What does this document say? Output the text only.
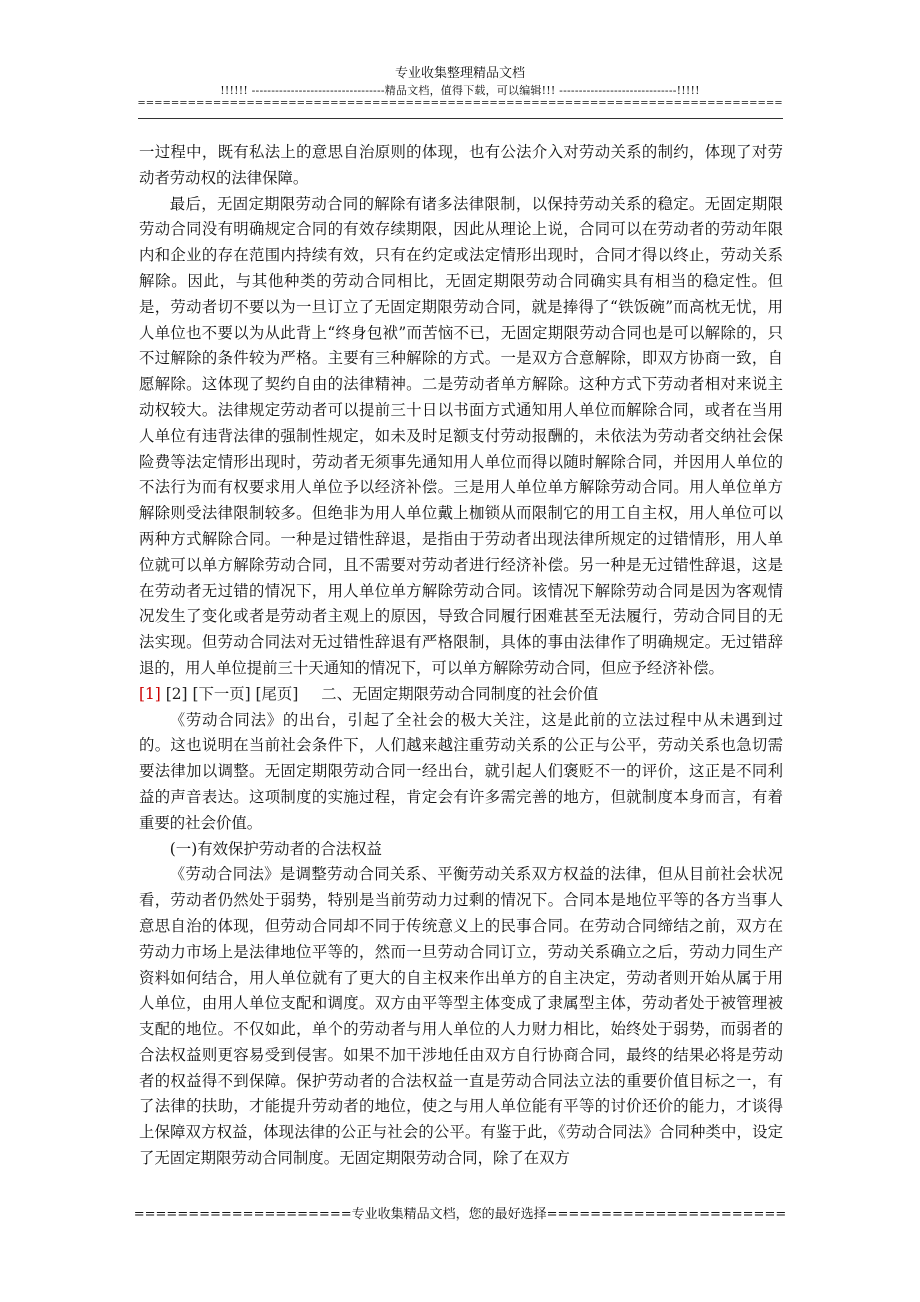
专业收集整理精品文档
!!!!!! ----------------------------------精品文档，值得下载，可以编辑!!! ------------------------------!!!!!
=============================================================================

一过程中，既有私法上的意思自治原则的体现，也有公法介入对劳动关系的制约，体现了对劳动者劳动权的法律保障。

最后，无固定期限劳动合同的解除有诸多法律限制，以保持劳动关系的稳定。无固定期限劳动合同没有明确规定合同的有效存续期限，因此从理论上说，合同可以在劳动者的劳动年限内和企业的存在范围内持续有效，只有在约定或法定情形出现时，合同才得以终止，劳动关系解除。因此，与其他种类的劳动合同相比，无固定期限劳动合同确实具有相当的稳定性。但是，劳动者切不要以为一旦订立了无固定期限劳动合同，就是捧得了“铁饭碗”而高枕无忧，用人单位也不要以为从此背上“终身包袱”而苦恼不已，无固定期限劳动合同也是可以解除的，只不过解除的条件较为严格。主要有三种解除的方式。一是双方合意解除，即双方协商一致，自愿解除。这体现了契约自由的法律精神。二是劳动者单方解除。这种方式下劳动者相对来说主动权较大。法律规定劳动者可以提前三十日以书面方式通知用人单位而解除合同，或者在当用人单位有违背法律的强制性规定，如未及时足额支付劳动报酬的，未依法为劳动者交纳社会保险费等法定情形出现时，劳动者无须事先通知用人单位而得以随时解除合同，并因用人单位的不法行为而有权要求用人单位予以经济补偿。三是用人单位单方解除劳动合同。用人单位单方解除则受法律限制较多。但绝非为用人单位戴上枷锁从而限制它的用工自主权，用人单位可以两种方式解除合同。一种是过错性辞退，是指由于劳动者出现法律所规定的过错情形，用人单位就可以单方解除劳动合同，且不需要对劳动者进行经济补偿。另一种是无过错性辞退，这是在劳动者无过错的情况下，用人单位单方解除劳动合同。该情况下解除劳动合同是因为客观情况发生了变化或者是劳动者主观上的原因，导致合同履行困难甚至无法履行，劳动合同目的无法实现。但劳动合同法对无过错性辞退有严格限制，具体的事由法律作了明确规定。无过错辞退的，用人单位提前三十天通知的情况下，可以单方解除劳动合同，但应予经济补偿。

[1] [2] [下一页] [尾页] 二、无固定期限劳动合同制度的社会价值

《劳动合同法》的出台，引起了全社会的极大关注，这是此前的立法过程中从未遇到过的。这也说明在当前社会条件下，人们越来越注重劳动关系的公正与公平，劳动关系也急切需要法律加以调整。无固定期限劳动合同一经出台，就引起人们褒贬不一的评价，这正是不同利益的声音表达。这项制度的实施过程，肯定会有许多需完善的地方，但就制度本身而言，有着重要的社会价值。

(一)有效保护劳动者的合法权益

《劳动合同法》是调整劳动合同关系、平衡劳动关系双方权益的法律，但从目前社会状况看，劳动者仍然处于弱势，特别是当前劳动力过剩的情况下。合同本是地位平等的各方当事人意思自治的体现，但劳动合同却不同于传统意义上的民事合同。在劳动合同缔结之前，双方在劳动力市场上是法律地位平等的，然而一旦劳动合同订立，劳动关系确立之后，劳动力同生产资料如何结合，用人单位就有了更大的自主权来作出单方的自主决定，劳动者则开始从属于用人单位，由用人单位支配和调度。双方由平等型主体变成了隶属型主体，劳动者处于被管理被支配的地位。不仅如此，单个的劳动者与用人单位的人力财力相比，始终处于弱势，而弱者的合法权益则更容易受到侵害。如果不加干涉地任由双方自行协商合同，最终的结果必将是劳动者的权益得不到保障。保护劳动者的合法权益一直是劳动合同法立法的重要价值目标之一，有了法律的扶助，才能提升劳动者的地位，使之与用人单位能有平等的讨价还价的能力，才谈得上保障双方权益，体现法律的公正与社会的公平。有鉴于此，《劳动合同法》合同种类中，设定了无固定期限劳动合同制度。无固定期限劳动合同，除了在双方

====================专业收集精品文档，您的最好选择======================
